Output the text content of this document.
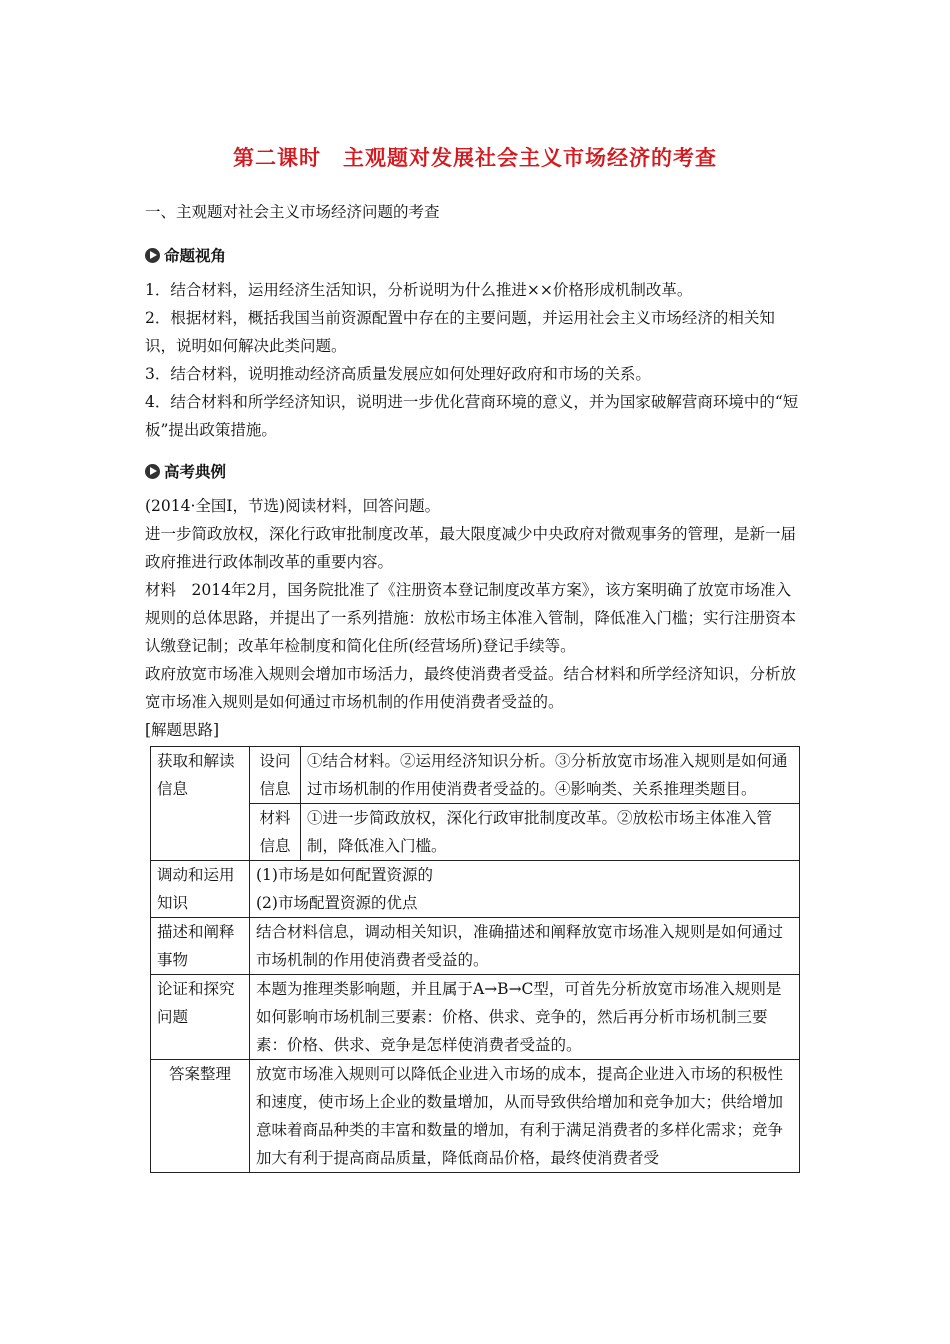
第二课时　主观题对发展社会主义市场经济的考查
一、主观题对社会主义市场经济问题的考查
命题视角

1．结合材料，运用经济生活知识，分析说明为什么推进××价格形成机制改革。

2．根据材料，概括我国当前资源配置中存在的主要问题，并运用社会主义市场经济的相关知识，说明如何解决此类问题。

3．结合材料，说明推动经济高质量发展应如何处理好政府和市场的关系。

4．结合材料和所学经济知识，说明进一步优化营商环境的意义，并为国家破解营商环境中的“短板”提出政策措施。

高考典例

(2014·全国Ⅰ，节选)阅读材料，回答问题。

进一步简政放权，深化行政审批制度改革，最大限度减少中央政府对微观事务的管理，是新一届政府推进行政体制改革的重要内容。

材料　2014年2月，国务院批准了《注册资本登记制度改革方案》，该方案明确了放宽市场准入规则的总体思路，并提出了一系列措施：放松市场主体准入管制，降低准入门槛；实行注册资本认缴登记制；改革年检制度和简化住所(经营场所)登记手续等。

政府放宽市场准入规则会增加市场活力，最终使消费者受益。结合材料和所学经济知识，分析放宽市场准入规则是如何通过市场机制的作用使消费者受益的。

[解题思路]

获取和解读信息	设问信息	①结合材料。②运用经济知识分析。③分析放宽市场准入规则是如何通过市场机制的作用使消费者受益的。④影响类、关系推理类题目。
	材料信息	①进一步简政放权，深化行政审批制度改革。②放松市场主体准入管制，降低准入门槛。
调动和运用知识	(1)市场是如何配置资源的
(2)市场配置资源的优点	

描述和阐释事物	结合材料信息，调动相关知识，准确描述和阐释放宽市场准入规则是如何通过市场机制的作用使消费者受益的。	
论证和探究问题	本题为推理类影响题，并且属于A→B→C型，可首先分析放宽市场准入规则是如何影响市场机制三要素：价格、供求、竞争的，然后再分析市场机制三要素：价格、供求、竞争是怎样使消费者受益的。	
答案整理	放宽市场准入规则可以降低企业进入市场的成本，提高企业进入市场的积极性和速度，使市场上企业的数量增加，从而导致供给增加和竞争加大；供给增加意味着商品种类的丰富和数量的增加，有利于满足消费者的多样化需求；竞争加大有利于提高商品质量，降低商品价格，最终使消费者受	
